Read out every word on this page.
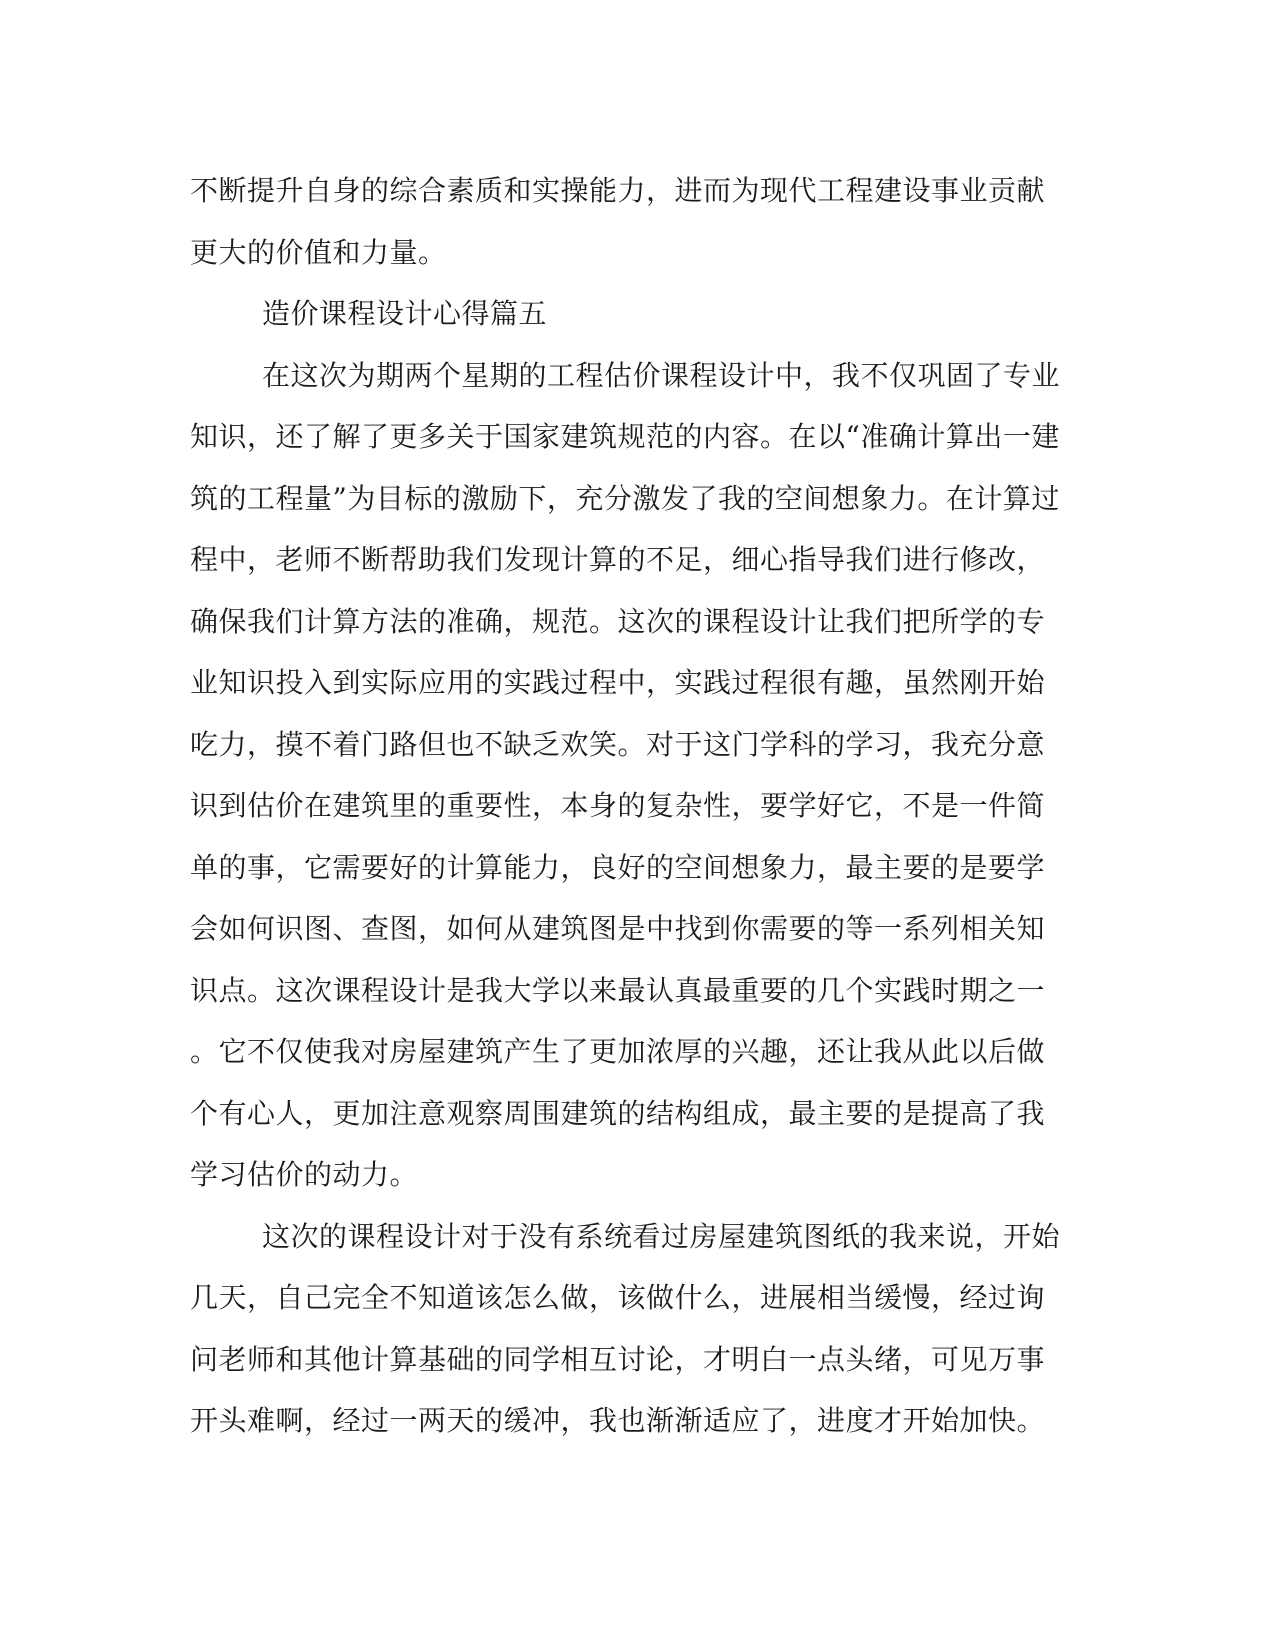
不断提升自身的综合素质和实操能力，进而为现代工程建设事业贡献
更大的价值和力量。
造价课程设计心得篇五
在这次为期两个星期的工程估价课程设计中，我不仅巩固了专业
知识，还了解了更多关于国家建筑规范的内容。在以“准确计算出一建
筑的工程量”为目标的激励下，充分激发了我的空间想象力。在计算过
程中，老师不断帮助我们发现计算的不足，细心指导我们进行修改，
确保我们计算方法的准确，规范。这次的课程设计让我们把所学的专
业知识投入到实际应用的实践过程中，实践过程很有趣，虽然刚开始
吃力，摸不着门路但也不缺乏欢笑。对于这门学科的学习，我充分意
识到估价在建筑里的重要性，本身的复杂性，要学好它，不是一件简
单的事，它需要好的计算能力，良好的空间想象力，最主要的是要学
会如何识图、查图，如何从建筑图是中找到你需要的等一系列相关知
识点。这次课程设计是我大学以来最认真最重要的几个实践时期之一
。它不仅使我对房屋建筑产生了更加浓厚的兴趣，还让我从此以后做
个有心人，更加注意观察周围建筑的结构组成，最主要的是提高了我
学习估价的动力。
这次的课程设计对于没有系统看过房屋建筑图纸的我来说，开始
几天，自己完全不知道该怎么做，该做什么，进展相当缓慢，经过询
问老师和其他计算基础的同学相互讨论，才明白一点头绪，可见万事
开头难啊，经过一两天的缓冲，我也渐渐适应了，进度才开始加快。
